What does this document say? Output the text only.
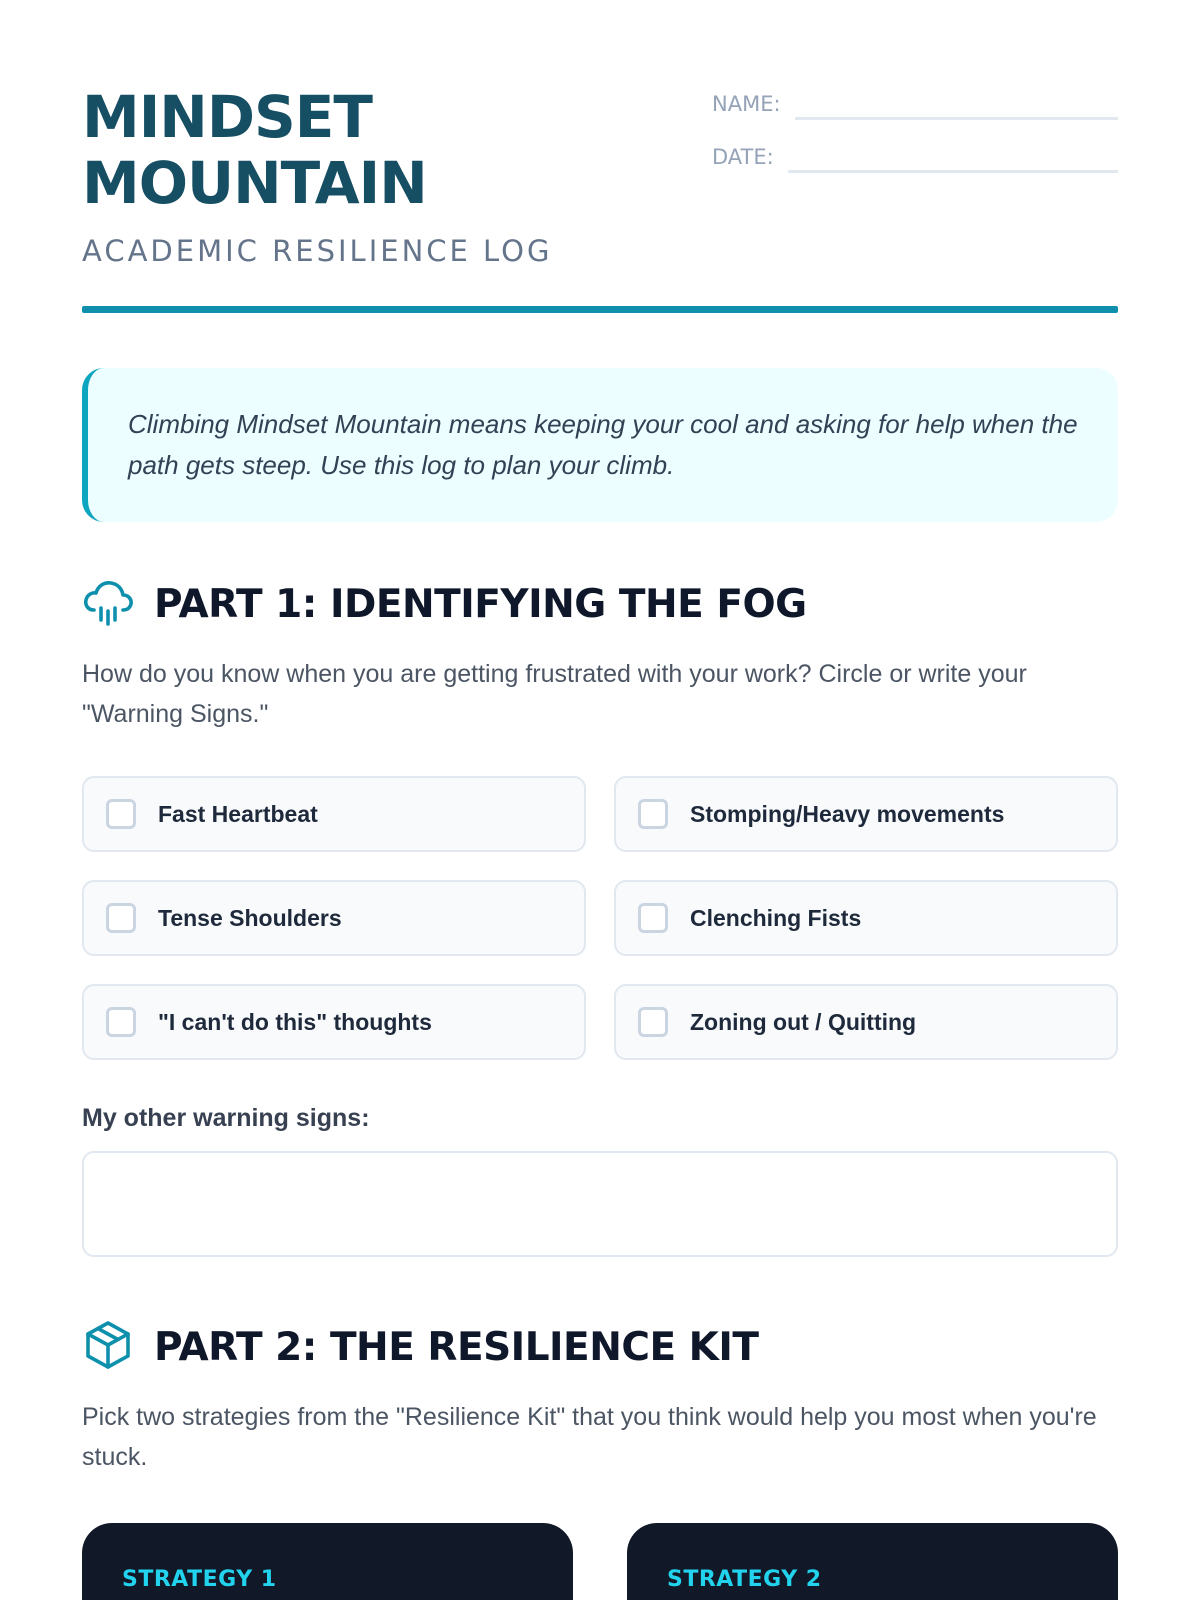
MINDSET
MOUNTAIN
ACADEMIC RESILIENCE LOG
NAME:
DATE:
Climbing Mindset Mountain means keeping your cool and asking for help when the path gets steep. Use this log to plan your climb.
PART 1: IDENTIFYING THE FOG
How do you know when you are getting frustrated with your work? Circle or write your "Warning Signs."
Fast Heartbeat	Stomping/Heavy movements
Tense Shoulders	Clenching Fists
"I can't do this" thoughts	Zoning out / Quitting
My other warning signs:
PART 2: THE RESILIENCE KIT
Pick two strategies from the "Resilience Kit" that you think would help you most when you're stuck.
STRATEGY 1	STRATEGY 2
